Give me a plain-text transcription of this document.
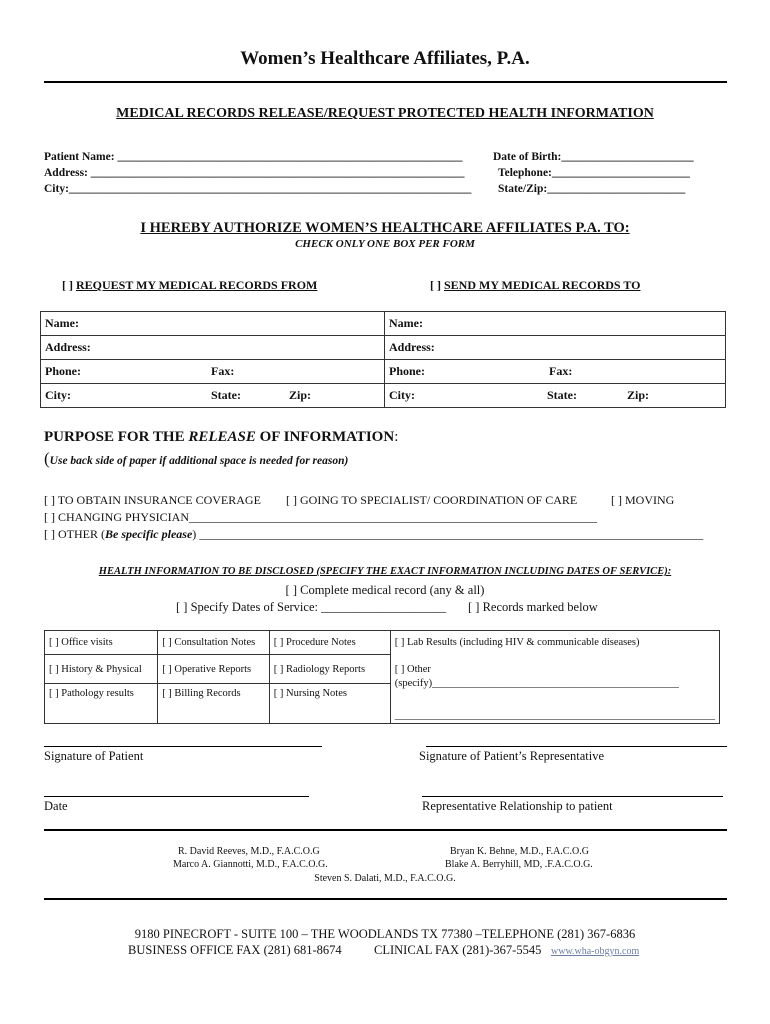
Women’s Healthcare Affiliates, P.A.
MEDICAL RECORDS RELEASE/REQUEST PROTECTED HEALTH INFORMATION
Patient Name: ____________________________________________________________	Date of Birth:_______________________
Address: _________________________________________________________________	Telephone:________________________
City:______________________________________________________________________ State/Zip:________________________
I HEREBY AUTHORIZE WOMEN’S HEALTHCARE AFFILIATES P.A. TO:
CHECK ONLY ONE BOX PER FORM
[ ] REQUEST MY MEDICAL RECORDS FROM	[ ] SEND MY MEDICAL RECORDS TO
Name:	Name:
Address:	Address:
Phone: Fax:	Phone: Fax:
City: State: Zip:	City: State: Zip:
PURPOSE FOR THE RELEASE OF INFORMATION:
(Use back side of paper if additional space is needed for reason)
[ ] TO OBTAIN INSURANCE COVERAGE [ ] GOING TO SPECIALIST/ COORDINATION OF CARE	[ ] MOVING
[ ] CHANGING PHYSICIAN____________________________________________________________________
[ ] OTHER (Be specific please) ____________________________________________________________________________________
HEALTH INFORMATION TO BE DISCLOSED (SPECIFY THE EXACT INFORMATION INCLUDING DATES OF SERVICE):
[ ] Complete medical record (any & all)
[ ] Specify Dates of Service: ____________________ [ ] Records marked below
[ ] Office visits	[ ] Consultation Notes	[ ] Procedure Notes	[ ] Lab Results (including HIV & communicable diseases)
[ ] History & Physical	[ ] Operative Reports	[ ] Radiology Reports	[ ] Other (specify)_______________________________________________
_____________________________________________________________

[ ] Pathology results	[ ] Billing Records	[ ] Nursing Notes	
Signature of Patient	Signature of Patient’s Representative
Date	Representative Relationship to patient
R. David Reeves, M.D., F.A.C.O.G	Bryan K. Behne, M.D., F.A.C.O.G
Marco A. Giannotti, M.D., F.A.C.O.G.	Blake A. Berryhill, MD, .F.A.C.O.G.
Steven S. Dalati, M.D., F.A.C.O.G.
9180 PINECROFT - SUITE 100 – THE WOODLANDS TX 77380 –TELEPHONE (281) 367-6836
BUSINESS OFFICE FAX (281) 681-8674	CLINICAL FAX (281)-367-5545 www.wha-obgyn.com
